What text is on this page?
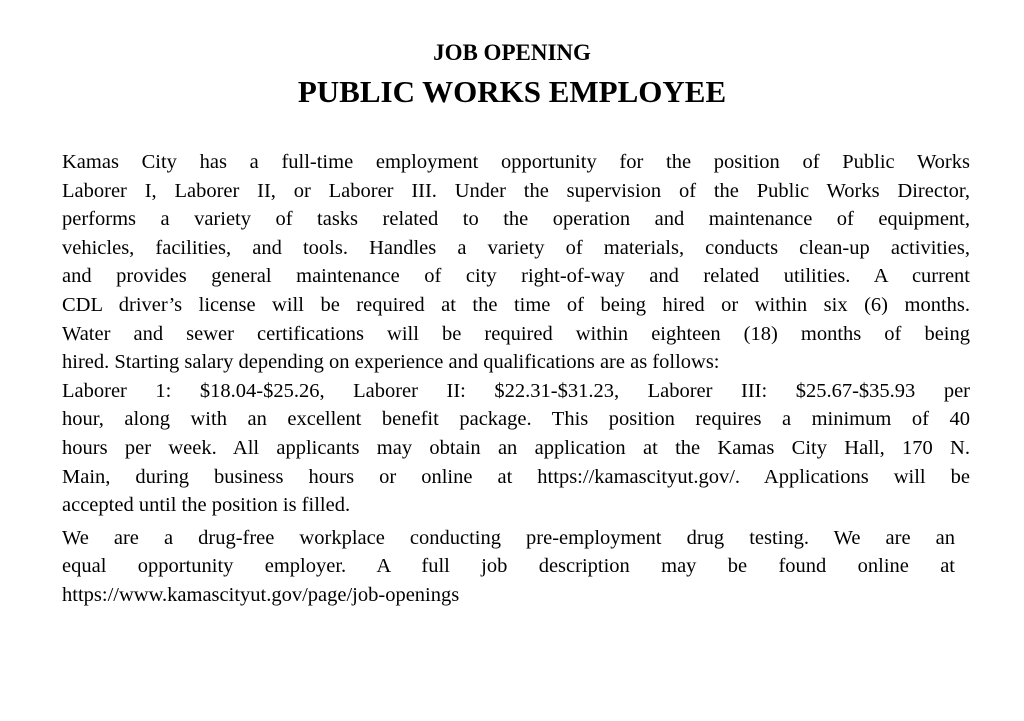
JOB OPENING
PUBLIC WORKS EMPLOYEE
Kamas City has a full-time employment opportunity for the position of Public Works
Laborer I, Laborer II, or Laborer III. Under the supervision of the Public Works Director,
performs a variety of tasks related to the operation and maintenance of equipment,
vehicles, facilities, and tools. Handles a variety of materials, conducts clean-up activities,
and provides general maintenance of city right-of-way and related utilities. A current
CDL driver’s license will be required at the time of being hired or within six (6) months.
Water and sewer certifications will be required within eighteen (18) months of being
hired. Starting salary depending on experience and qualifications are as follows:
Laborer 1: $18.04-$25.26, Laborer II: $22.31-$31.23, Laborer III: $25.67-$35.93 per
hour, along with an excellent benefit package. This position requires a minimum of 40
hours per week. All applicants may obtain an application at the Kamas City Hall, 170 N.
Main, during business hours or online at https://kamascityut.gov/. Applications will be
accepted until the position is filled.
We are a drug-free workplace conducting pre-employment drug testing. We are an
equal opportunity employer. A full job description may be found online at
https://www.kamascityut.gov/page/job-openings
